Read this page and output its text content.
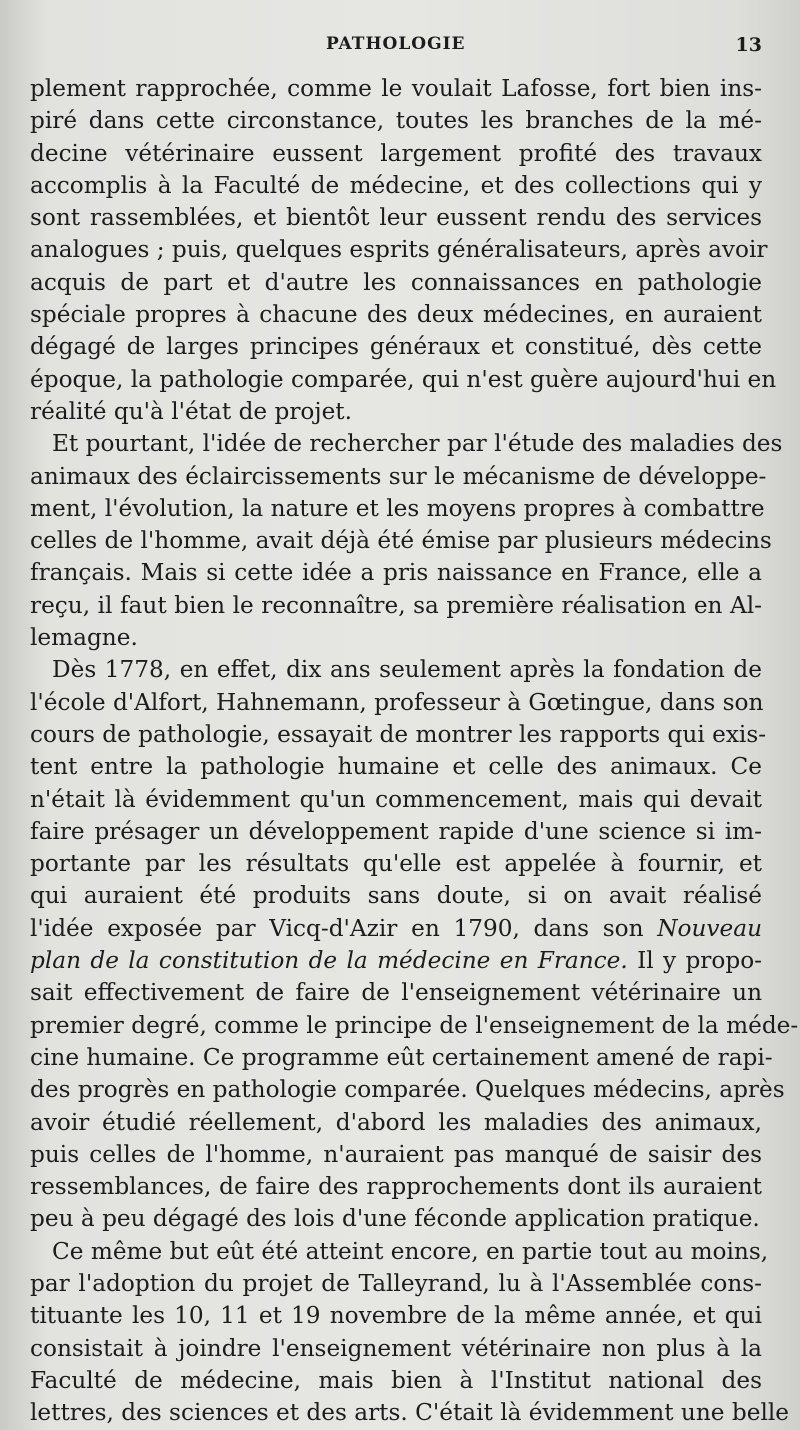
PATHOLOGIE	13

plement rapprochée, comme le voulait Lafosse, fort bien ins-
piré dans cette circonstance, toutes les branches de la mé-
decine vétérinaire eussent largement profité des travaux
accomplis à la Faculté de médecine, et des collections qui y
sont rassemblées, et bientôt leur eussent rendu des services
analogues ; puis, quelques esprits généralisateurs, après avoir
acquis de part et d'autre les connaissances en pathologie
spéciale propres à chacune des deux médecines, en auraient
dégagé de larges principes généraux et constitué, dès cette
époque, la pathologie comparée, qui n'est guère aujourd'hui en
réalité qu'à l'état de projet.

Et pourtant, l'idée de rechercher par l'étude des maladies des
animaux des éclaircissements sur le mécanisme de développe-
ment, l'évolution, la nature et les moyens propres à combattre
celles de l'homme, avait déjà été émise par plusieurs médecins
français. Mais si cette idée a pris naissance en France, elle a
reçu, il faut bien le reconnaître, sa première réalisation en Al-
lemagne.

Dès 1778, en effet, dix ans seulement après la fondation de
l'école d'Alfort, Hahnemann, professeur à Gœtingue, dans son
cours de pathologie, essayait de montrer les rapports qui exis-
tent entre la pathologie humaine et celle des animaux. Ce
n'était là évidemment qu'un commencement, mais qui devait
faire présager un développement rapide d'une science si im-
portante par les résultats qu'elle est appelée à fournir, et
qui auraient été produits sans doute, si on avait réalisé
l'idée exposée par Vicq-d'Azir en 1790, dans son Nouveau
plan de la constitution de la médecine en France. Il y propo-
sait effectivement de faire de l'enseignement vétérinaire un
premier degré, comme le principe de l'enseignement de la méde-
cine humaine. Ce programme eût certainement amené de rapi-
des progrès en pathologie comparée. Quelques médecins, après
avoir étudié réellement, d'abord les maladies des animaux,
puis celles de l'homme, n'auraient pas manqué de saisir des
ressemblances, de faire des rapprochements dont ils auraient
peu à peu dégagé des lois d'une féconde application pratique.

Ce même but eût été atteint encore, en partie tout au moins,
par l'adoption du projet de Talleyrand, lu à l'Assemblée cons-
tituante les 10, 11 et 19 novembre de la même année, et qui
consistait à joindre l'enseignement vétérinaire non plus à la
Faculté de médecine, mais bien à l'Institut national des
lettres, des sciences et des arts. C'était là évidemment une belle
